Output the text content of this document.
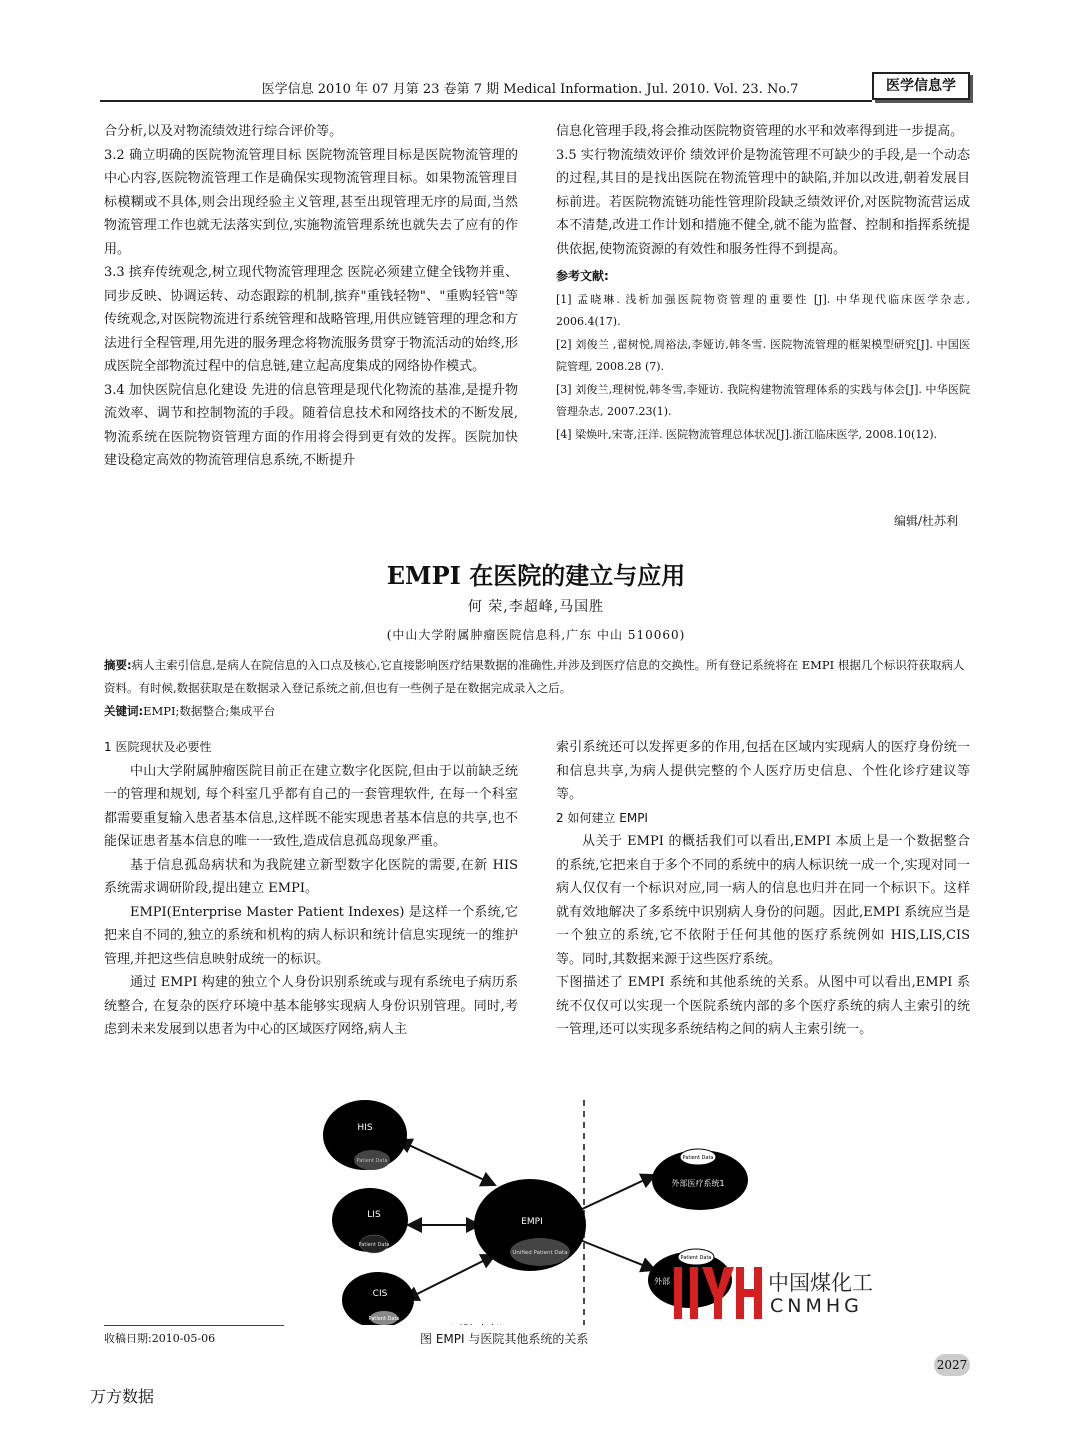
医学信息 2010 年 07 月第 23 卷第 7 期 Medical Information. Jul. 2010. Vol. 23. No.7	医学信息学

合分析,以及对物流绩效进行综合评价等。

3.2 确立明确的医院物流管理目标 医院物流管理目标是医院物流管理的中心内容,医院物流管理工作是确保实现物流管理目标。如果物流管理目标模糊或不具体,则会出现经验主义管理,甚至出现管理无序的局面,当然物流管理工作也就无法落实到位,实施物流管理系统也就失去了应有的作用。

3.3 摈弃传统观念,树立现代物流管理理念 医院必须建立健全钱物并重、同步反映、协调运转、动态跟踪的机制,摈弃"重钱轻物"、"重购轻管"等传统观念,对医院物流进行系统管理和战略管理,用供应链管理的理念和方法进行全程管理,用先进的服务理念将物流服务贯穿于物流活动的始终,形成医院全部物流过程中的信息链,建立起高度集成的网络协作模式。

3.4 加快医院信息化建设 先进的信息管理是现代化物流的基准,是提升物流效率、调节和控制物流的手段。随着信息技术和网络技术的不断发展,物流系统在医院物资管理方面的作用将会得到更有效的发挥。医院加快建设稳定高效的物流管理信息系统,不断提升

信息化管理手段,将会推动医院物资管理的水平和效率得到进一步提高。

3.5 实行物流绩效评价 绩效评价是物流管理不可缺少的手段,是一个动态的过程,其目的是找出医院在物流管理中的缺陷,并加以改进,朝着发展目标前进。若医院物流链功能性管理阶段缺乏绩效评价,对医院物流营运成本不清楚,改进工作计划和措施不健全,就不能为监督、控制和指挥系统提供依据,使物流资源的有效性和服务性得不到提高。

参考文献:

[1] 孟晓琳. 浅析加强医院物资管理的重要性 [J]. 中华现代临床医学杂志, 2006.4(17).

[2] 刘俊兰 ,翟树悦,周裕法,李娅访,韩冬雪. 医院物流管理的框架模型研究[J]. 中国医院管理, 2008.28 (7).

[3] 刘俊兰,理树悦,韩冬雪,李娅访. 我院构建物流管理体系的实践与体会[J]. 中华医院管理杂志, 2007.23(1).

[4] 梁焕叶,宋寄,汪洋. 医院物流管理总体状况[J].浙江临床医学, 2008.10(12).

编辑/杜苏利
EMPI 在医院的建立与应用
何 荣,李超峰,马国胜
(中山大学附属肿瘤医院信息科,广东 中山 510060)

摘要:病人主索引信息,是病人在院信息的入口点及核心,它直接影响医疗结果数据的准确性,并涉及到医疗信息的交换性。所有登记系统将在 EMPI 根据几个标识符获取病人资料。有时候,数据获取是在数据录入登记系统之前,但也有一些例子是在数据完成录入之后。

关键词:EMPI;数据整合;集成平台

1 医院现状及必要性

中山大学附属肿瘤医院目前正在建立数字化医院,但由于以前缺乏统一的管理和规划, 每个科室几乎都有自己的一套管理软件, 在每一个科室都需要重复输入患者基本信息,这样既不能实现患者基本信息的共享,也不能保证患者基本信息的唯一一致性,造成信息孤岛现象严重。

基于信息孤岛病状和为我院建立新型数字化医院的需要,在新 HIS 系统需求调研阶段,提出建立 EMPI。

EMPI(Enterprise Master Patient Indexes) 是这样一个系统,它把来自不同的,独立的系统和机构的病人标识和统计信息实现统一的维护管理,并把这些信息映射成统一的标识。

通过 EMPI 构建的独立个人身份识别系统或与现有系统电子病历系统整合, 在复杂的医疗环境中基本能够实现病人身份识别管理。同时,考虑到未来发展到以患者为中心的区域医疗网络,病人主

索引系统还可以发挥更多的作用,包括在区域内实现病人的医疗身份统一和信息共享,为病人提供完整的个人医疗历史信息、个性化诊疗建议等等。

2 如何建立 EMPI

从关于 EMPI 的概括我们可以看出,EMPI 本质上是一个数据整合的系统,它把来自于多个不同的系统中的病人标识统一成一个,实现对同一病人仅仅有一个标识对应,同一病人的信息也归并在同一个标识下。这样就有效地解决了多系统中识别病人身份的问题。因此,EMPI 系统应当是一个独立的系统,它不依附于任何其他的医疗系统例如 HIS,LIS,CIS 等。同时,其数据来源于这些医疗系统。

下图描述了 EMPI 系统和其他系统的关系。从图中可以看出,EMPI 系统不仅仅可以实现一个医院系统内部的多个医疗系统的病人主索引的统一管理,还可以实现多系统结构之间的病人主索引统一。

HIS
Patient Data
LIS
Patient Data
CIS
Patient Data
EMPI
Unified Patient Data
外部医疗系统1
Patient Data
外部
Patient Data
中国煤化工
CNMHG
收稿日期:2010-05-06	图 EMPI 与医院其他系统的关系
2027
万方数据
